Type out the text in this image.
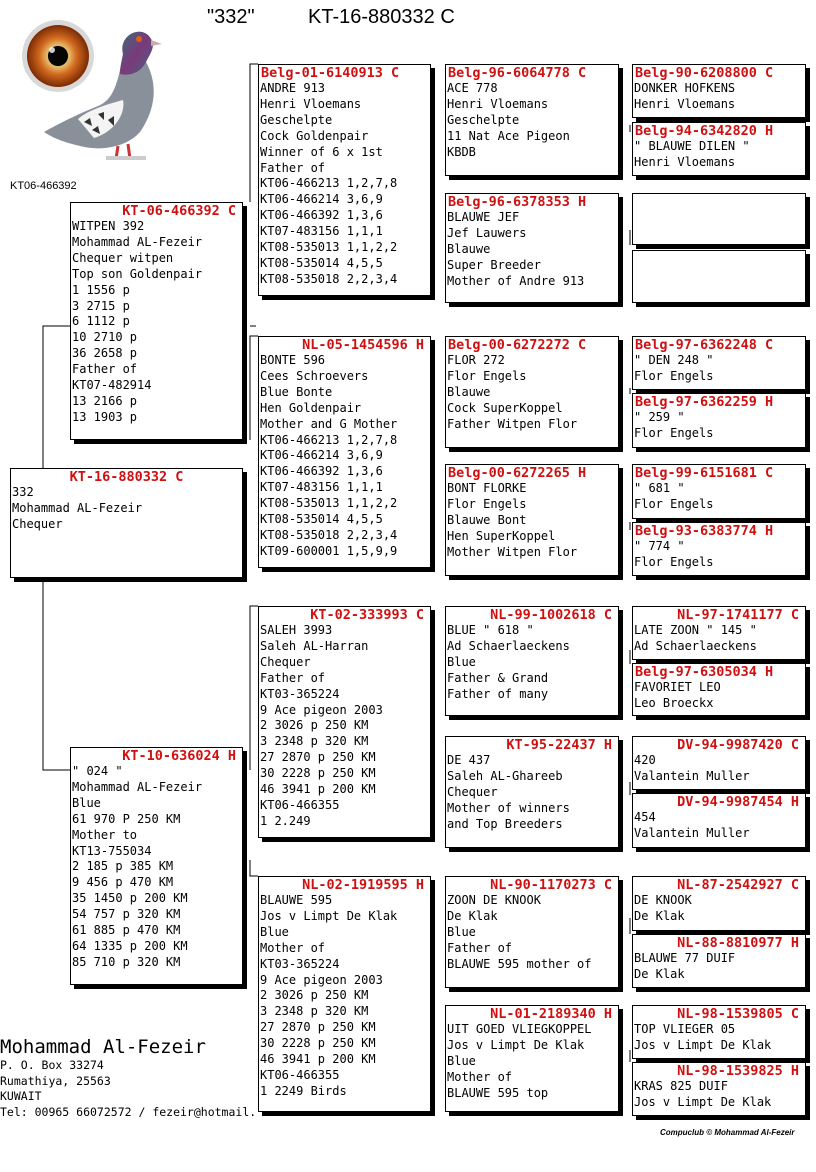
"332"	KT-16-880332 C
KT06-466392
KT-16-880332 C
332
Mohammad AL-Fezeir
Chequer
KT-06-466392 C
WITPEN 392
Mohammad AL-Fezeir
Chequer witpen
Top son Goldenpair
1 1556 p
3 2715 p
6 1112 p
10 2710 p
36 2658 p
Father of
KT07-482914
13 2166 p
13 1903 p
KT-10-636024 H
" 024 "
Mohammad AL-Fezeir
Blue
61 970 P 250 KM
Mother to
KT13-755034
2 185 p 385 KM
9 456 p 470 KM
35 1450 p 200 KM
54 757 p 320 KM
61 885 p 470 KM
64 1335 p 200 KM
85 710 p 320 KM
Belg-01-6140913 C
ANDRE 913
Henri Vloemans
Geschelpte
Cock Goldenpair
Winner of 6 x 1st
Father of
KT06-466213 1,2,7,8
KT06-466214 3,6,9
KT06-466392 1,3,6
KT07-483156 1,1,1
KT08-535013 1,1,2,2
KT08-535014 4,5,5
KT08-535018 2,2,3,4
NL-05-1454596 H
BONTE 596
Cees Schroevers
Blue Bonte
Hen Goldenpair
Mother and G Mother
KT06-466213 1,2,7,8
KT06-466214 3,6,9
KT06-466392 1,3,6
KT07-483156 1,1,1
KT08-535013 1,1,2,2
KT08-535014 4,5,5
KT08-535018 2,2,3,4
KT09-600001 1,5,9,9
KT-02-333993 C
SALEH 3993
Saleh AL-Harran
Chequer
Father of
KT03-365224
9 Ace pigeon 2003
2 3026 p 250 KM
3 2348 p 320 KM
27 2870 p 250 KM
30 2228 p 250 KM
46 3941 p 200 KM
KT06-466355
1 2.249
NL-02-1919595 H
BLAUWE 595
Jos v Limpt De Klak
Blue
Mother of
KT03-365224
9 Ace pigeon 2003
2 3026 p 250 KM
3 2348 p 320 KM
27 2870 p 250 KM
30 2228 p 250 KM
46 3941 p 200 KM
KT06-466355
1 2249 Birds
Belg-96-6064778 C
ACE 778
Henri Vloemans
Geschelpte
11 Nat Ace Pigeon
KBDB
Belg-96-6378353 H
BLAUWE JEF
Jef Lauwers
Blauwe
Super Breeder
Mother of Andre 913
Belg-00-6272272 C
FLOR 272
Flor Engels
Blauwe
Cock SuperKoppel
Father Witpen Flor
Belg-00-6272265 H
BONT FLORKE
Flor Engels
Blauwe Bont
Hen SuperKoppel
Mother Witpen Flor
NL-99-1002618 C
BLUE " 618 "
Ad Schaerlaeckens
Blue
Father & Grand
Father of many
KT-95-22437 H
DE 437
Saleh AL-Ghareeb
Chequer
Mother of winners
and Top Breeders
NL-90-1170273 C
ZOON DE KNOOK
De Klak
Blue
Father of
BLAUWE 595 mother of
NL-01-2189340 H
UIT GOED VLIEGKOPPEL
Jos v Limpt De Klak
Blue
Mother of
BLAUWE 595 top
Belg-90-6208800 C
DONKER HOFKENS
Henri Vloemans
Belg-94-6342820 H
" BLAUWE DILEN "
Henri Vloemans
Belg-97-6362248 C
" DEN 248 "
Flor Engels
Belg-97-6362259 H
" 259 "
Flor Engels
Belg-99-6151681 C
" 681 "
Flor Engels
Belg-93-6383774 H
" 774 "
Flor Engels
NL-97-1741177 C
LATE ZOON " 145 "
Ad Schaerlaeckens
Belg-97-6305034 H
FAVORIET LEO
Leo Broeckx
DV-94-9987420 C
420
Valantein Muller
DV-94-9987454 H
454
Valantein Muller
NL-87-2542927 C
DE KNOOK
De Klak
NL-88-8810977 H
BLAUWE 77 DUIF
De Klak
NL-98-1539805 C
TOP VLIEGER 05
Jos v Limpt De Klak
NL-98-1539825 H
KRAS 825 DUIF
Jos v Limpt De Klak
Mohammad Al-Fezeir
P. O. Box 33274
Rumathiya, 25563
KUWAIT
Tel: 00965 66072572 / fezeir@hotmail.
Compuclub © Mohammad Al-Fezeir
